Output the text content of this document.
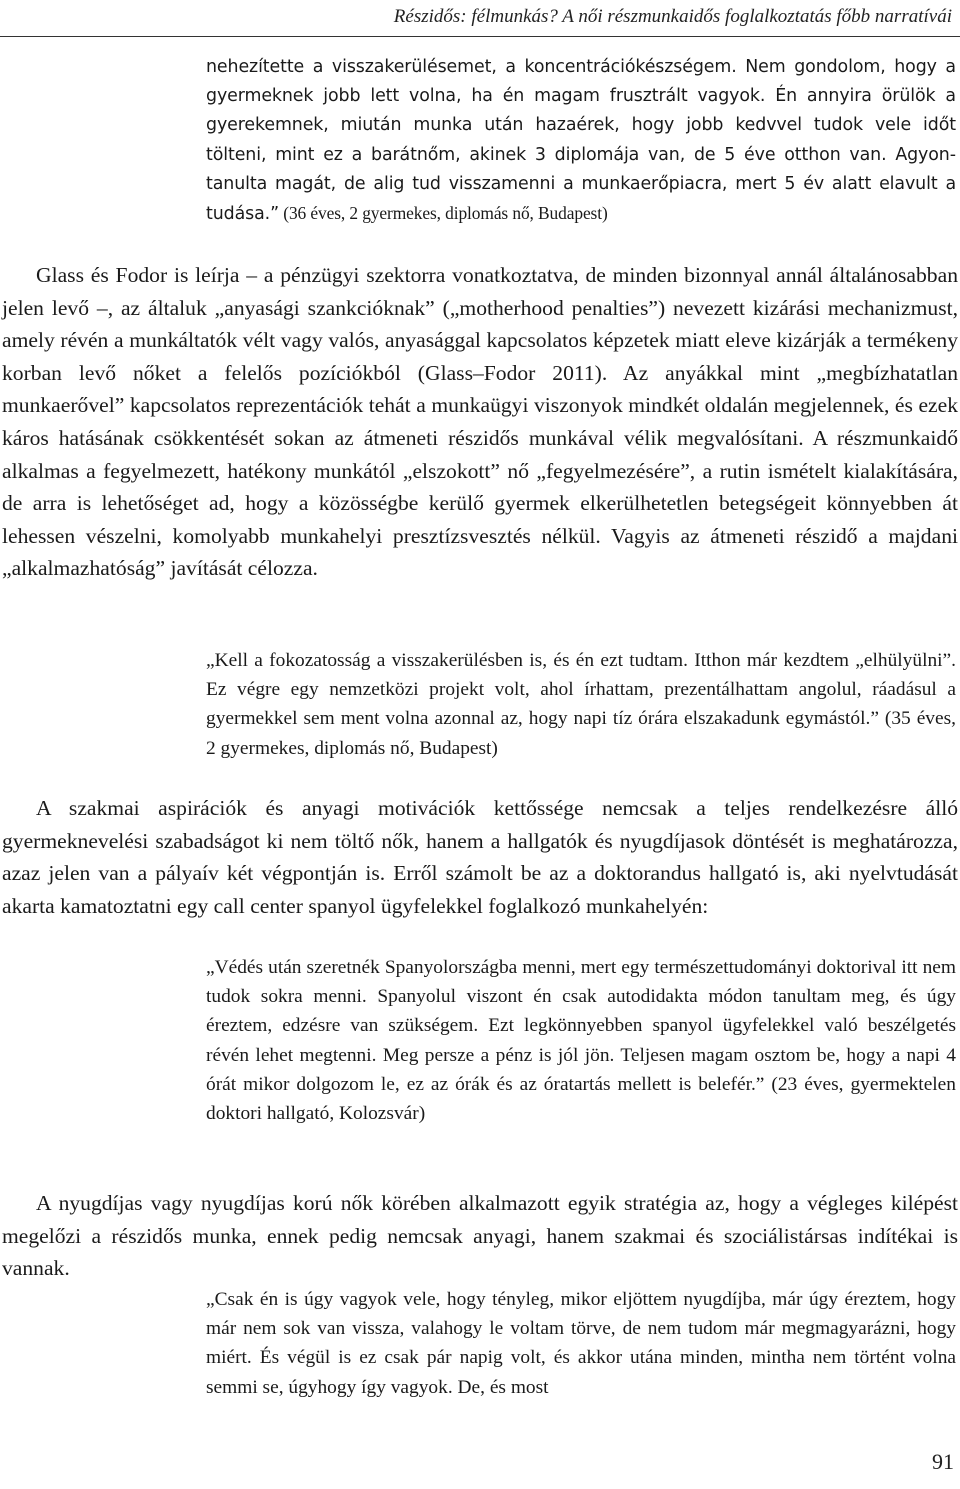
Részidős: félmunkás? A női részmunkaidős foglalkoztatás főbb narratívái

nehezítette a visszakerülésemet, a koncentrációkészségem. Nem gondolom, hogy a gyermeknek jobb lett volna, ha én magam frusztrált vagyok. Én annyira örülök a gyerekemnek, miután munka után hazaérek, hogy jobb kedvvel tudok vele időt tölteni, mint ez a barátnőm, akinek 3 diplomája van, de 5 éve otthon van. Agyontanulta magát, de alig tud visszamenni a munkaerőpiacra, mert 5 év alatt elavult a tudása.” (36 éves, 2 gyermekes, diplomás nő, Budapest)

Glass és Fodor is leírja – a pénzügyi szektorra vonatkoztatva, de minden bizonnyal annál általánosabban jelen levő –, az általuk „anyasági szankcióknak” („motherhood penalties”) nevezett kizárási mechanizmust, amely révén a munkáltatók vélt vagy valós, anyasággal kapcsolatos képzetek miatt eleve kizárják a termékeny korban levő nőket a felelős pozíciókból (Glass–Fodor 2011). Az anyákkal mint „megbízhatatlan munkaerővel” kapcsolatos reprezentációk tehát a munkaügyi viszonyok mindkét oldalán megjelennek, és ezek káros hatásának csökkentését sokan az átmeneti részidős munkával vélik megvalósítani. A részmunkaidő alkalmas a fegyelmezett, hatékony munkától „elszokott” nő „fegyelmezésére”, a rutin ismételt kialakítására, de arra is lehetőséget ad, hogy a közösségbe kerülő gyermek elkerülhetetlen betegségeit könnyebben át lehessen vészelni, komolyabb munkahelyi presztízsvesztés nélkül. Vagyis az átmeneti részidő a majdani „alkalmazhatóság” javítását célozza.

„Kell a fokozatosság a visszakerülésben is, és én ezt tudtam. Itthon már kezdtem „elhülyülni”. Ez végre egy nemzetközi projekt volt, ahol írhattam, prezentálhattam angolul, ráadásul a gyermekkel sem ment volna azonnal az, hogy napi tíz órára elszakadunk egymástól.” (35 éves, 2 gyermekes, diplomás nő, Budapest)

A szakmai aspirációk és anyagi motivációk kettőssége nemcsak a teljes rendelkezésre álló gyermeknevelési szabadságot ki nem töltő nők, hanem a hallgatók és nyugdíjasok döntését is meghatározza, azaz jelen van a pályaív két végpontján is. Erről számolt be az a doktorandus hallgató is, aki nyelvtudását akarta kamatoztatni egy call center spanyol ügyfelekkel foglalkozó munkahelyén:

„Védés után szeretnék Spanyolországba menni, mert egy természettudományi doktorival itt nem tudok sokra menni. Spanyolul viszont én csak autodidakta módon tanultam meg, és úgy éreztem, edzésre van szükségem. Ezt legkönnyebben spanyol ügyfelekkel való beszélgetés révén lehet megtenni. Meg persze a pénz is jól jön. Teljesen magam osztom be, hogy a napi 4 órát mikor dolgozom le, ez az órák és az óratartás mellett is belefér.” (23 éves, gyermektelen doktori hallgató, Kolozsvár)

A nyugdíjas vagy nyugdíjas korú nők körében alkalmazott egyik stratégia az, hogy a végleges kilépést megelőzi a részidős munka, ennek pedig nemcsak anyagi, hanem szakmai és szociálistársas indítékai is vannak.

„Csak én is úgy vagyok vele, hogy tényleg, mikor eljöttem nyugdíjba, már úgy éreztem, hogy már nem sok van vissza, valahogy le voltam törve, de nem tudom már megmagyarázni, hogy miért. És végül is ez csak pár napig volt, és akkor utána minden, mintha nem történt volna semmi se, úgyhogy így vagyok. De, és most

91
